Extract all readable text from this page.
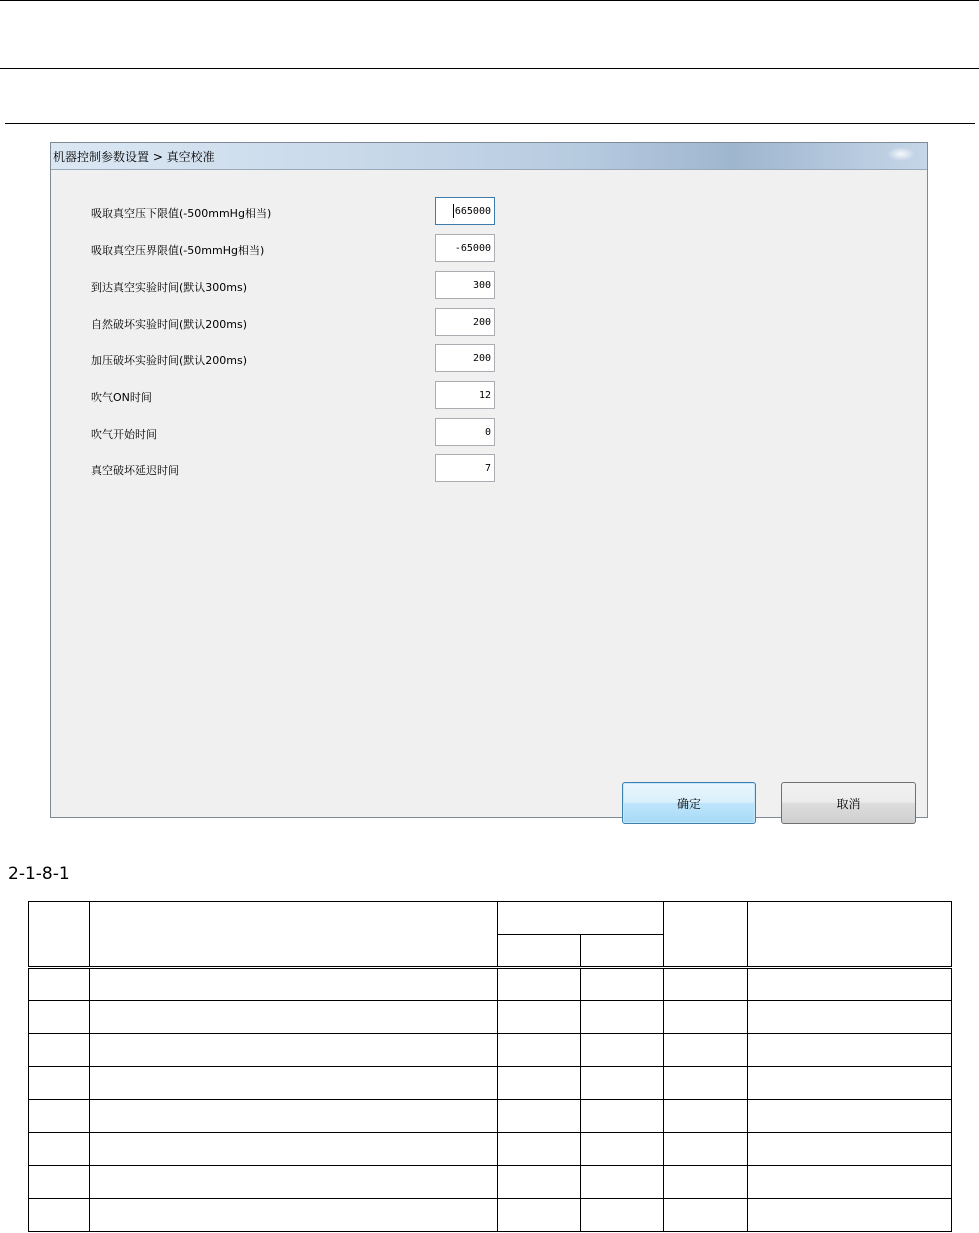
机器控制参数设置 > 真空校准
吸取真空压下限值(-500mmHg相当)
665000
吸取真空压界限值(-50mmHg相当)
-65000
到达真空实验时间(默认300ms)
300
自然破坏实验时间(默认200ms)
200
加压破坏实验时间(默认200ms)
200
吹气ON时间
12
吹气开始时间
0
真空破坏延迟时间
7
确定	取消
2-1-8-1
